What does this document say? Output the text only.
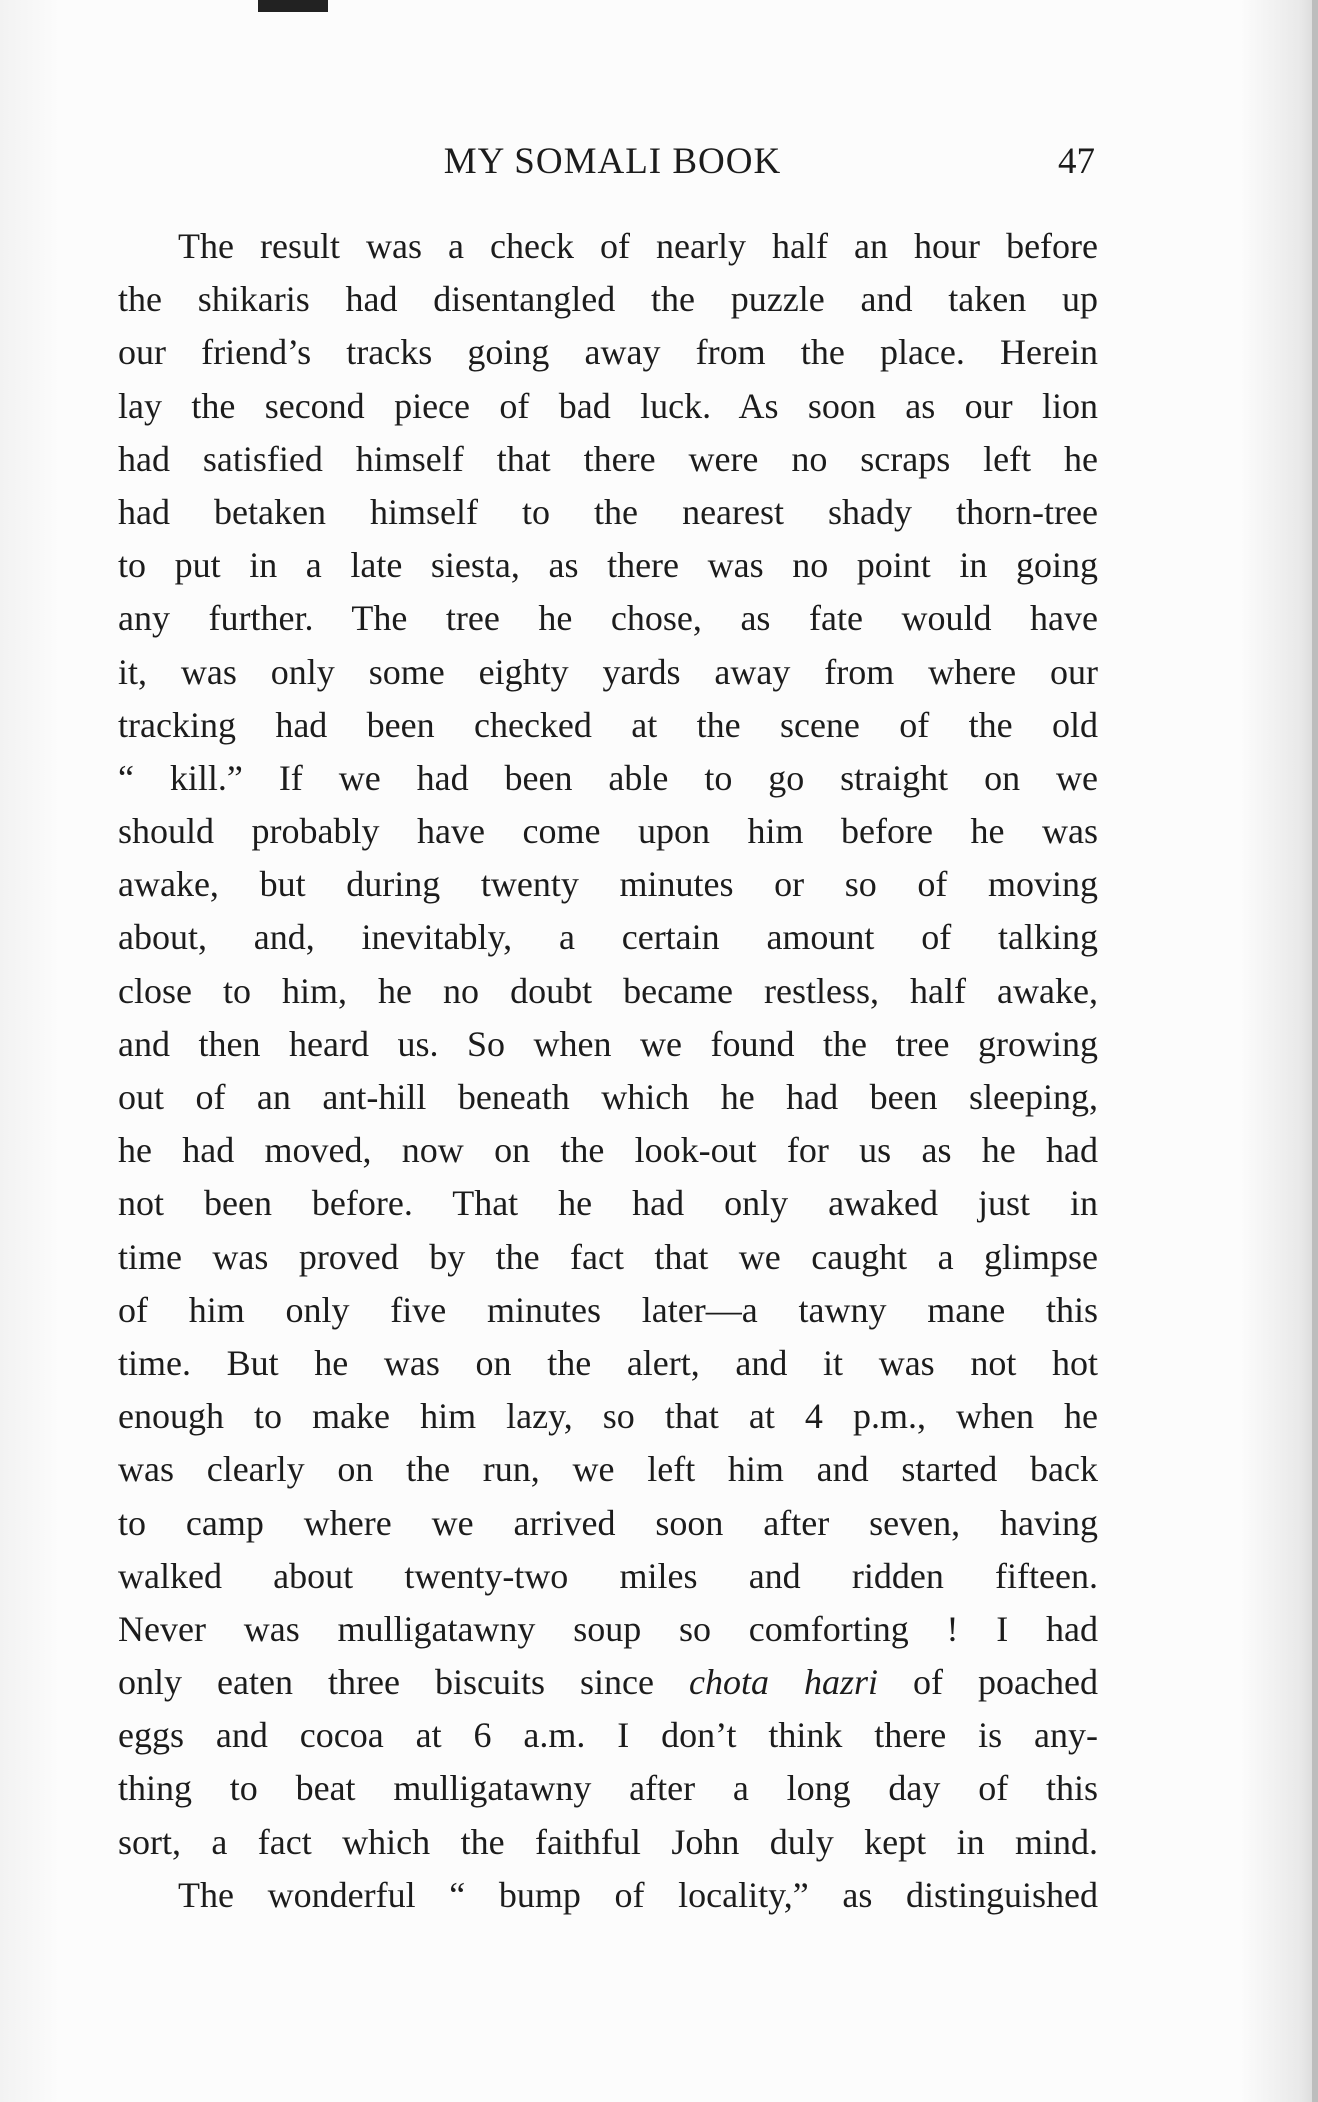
MY SOMALI BOOK	47
The result was a check of nearly half an hour before
the shikaris had disentangled the puzzle and taken up
our friend’s tracks going away from the place. Herein
lay the second piece of bad luck. As soon as our lion
had satisfied himself that there were no scraps left he
had betaken himself to the nearest shady thorn-tree
to put in a late siesta, as there was no point in going
any further. The tree he chose, as fate would have
it, was only some eighty yards away from where our
tracking had been checked at the scene of the old
“ kill.” If we had been able to go straight on we
should probably have come upon him before he was
awake, but during twenty minutes or so of moving
about, and, inevitably, a certain amount of talking
close to him, he no doubt became restless, half awake,
and then heard us. So when we found the tree growing
out of an ant-hill beneath which he had been sleeping,
he had moved, now on the look-out for us as he had
not been before. That he had only awaked just in
time was proved by the fact that we caught a glimpse
of him only five minutes later—a tawny mane this
time. But he was on the alert, and it was not hot
enough to make him lazy, so that at 4 p.m., when he
was clearly on the run, we left him and started back
to camp where we arrived soon after seven, having
walked about twenty-two miles and ridden fifteen.
Never was mulligatawny soup so comforting ! I had
only eaten three biscuits since chota hazri of poached
eggs and cocoa at 6 a.m. I don’t think there is any-
thing to beat mulligatawny after a long day of this
sort, a fact which the faithful John duly kept in mind.
The wonderful “ bump of locality,” as distinguished
